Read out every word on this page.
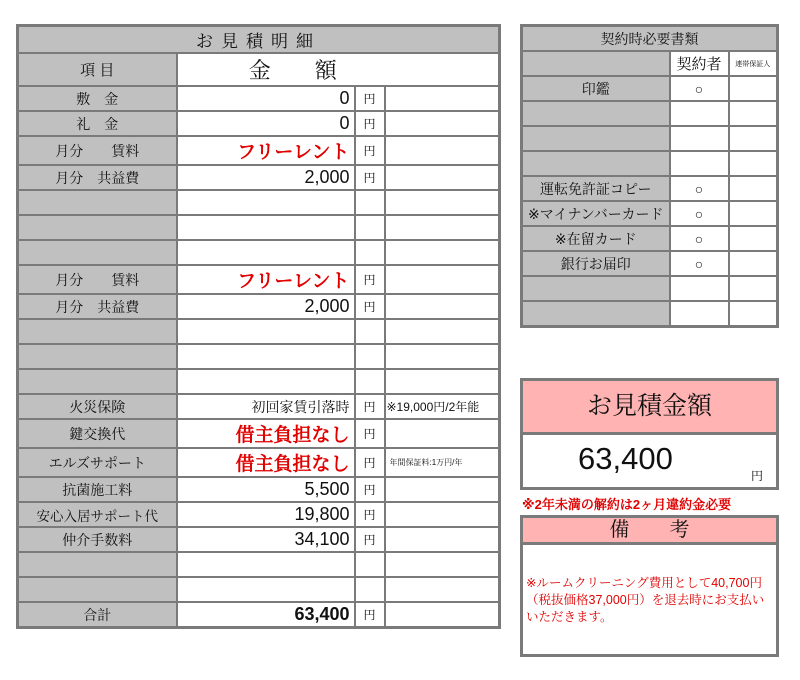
お見積明細			
項 目	金　　額		
敷　金	0	円	
礼　金	0	円	
月分　　賃料	フリーレント	円	
月分　共益費	2,000	円	

月分　　賃料	フリーレント	円	
月分　共益費	2,000	円	

火災保険	初回家賃引落時	円	※19,000円/2年能
鍵交換代	借主負担なし	円	
エルズサポート	借主負担なし	円	年間保証料:1万円/年
抗菌施工料	5,500	円	
安心入居サポート代	19,800	円	
仲介手数料	34,100	円	

合計	63,400	円	
契約時必要書類		
	契約者	連帯保証人
印鑑	○	

運転免許証コピー	○	
※マイナンバーカード	○	
※在留カード	○	
銀行お届印	○	

お見積金額
63,400	円
※2年未満の解約は2ヶ月違約金必要
備　　考
※ルームクリーニング費用として40,700円（税抜価格37,000円）を退去時にお支払いいただきます。
